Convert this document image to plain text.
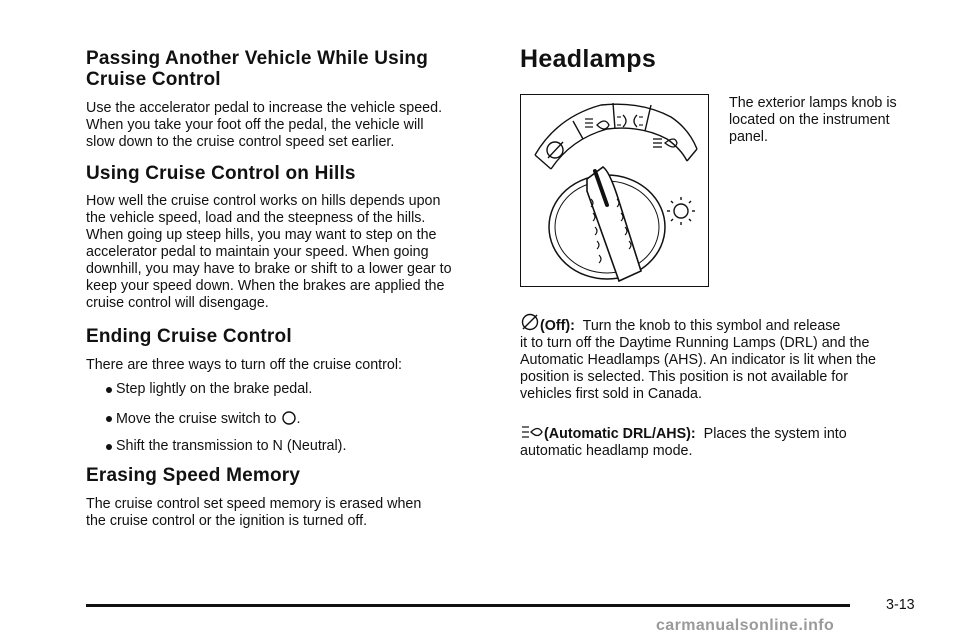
Passing Another Vehicle While Using
Cruise Control

Use the accelerator pedal to increase the vehicle speed.

When you take your foot off the pedal, the vehicle will

slow down to the cruise control speed set earlier.

Using Cruise Control on Hills

How well the cruise control works on hills depends upon

the vehicle speed, load and the steepness of the hills.

When going up steep hills, you may want to step on the

accelerator pedal to maintain your speed. When going

downhill, you may have to brake or shift to a lower gear to

keep your speed down. When the brakes are applied the

cruise control will disengage.

Ending Cruise Control

There are three ways to turn off the cruise control:

Step lightly on the brake pedal.
Move the cruise switch to .
Shift the transmission to N (Neutral).
Erasing Speed Memory

The cruise control set speed memory is erased when

the cruise control or the ignition is turned off.

Headlamps

The exterior lamps knob is

located on the instrument

panel.

(Off): Turn the knob to this symbol and release

it to turn off the Daytime Running Lamps (DRL) and the

Automatic Headlamps (AHS). An indicator is lit when the

position is selected. This position is not available for

vehicles first sold in Canada.

(Automatic DRL/AHS): Places the system into

automatic headlamp mode.

3-13
carmanualsonline.info
